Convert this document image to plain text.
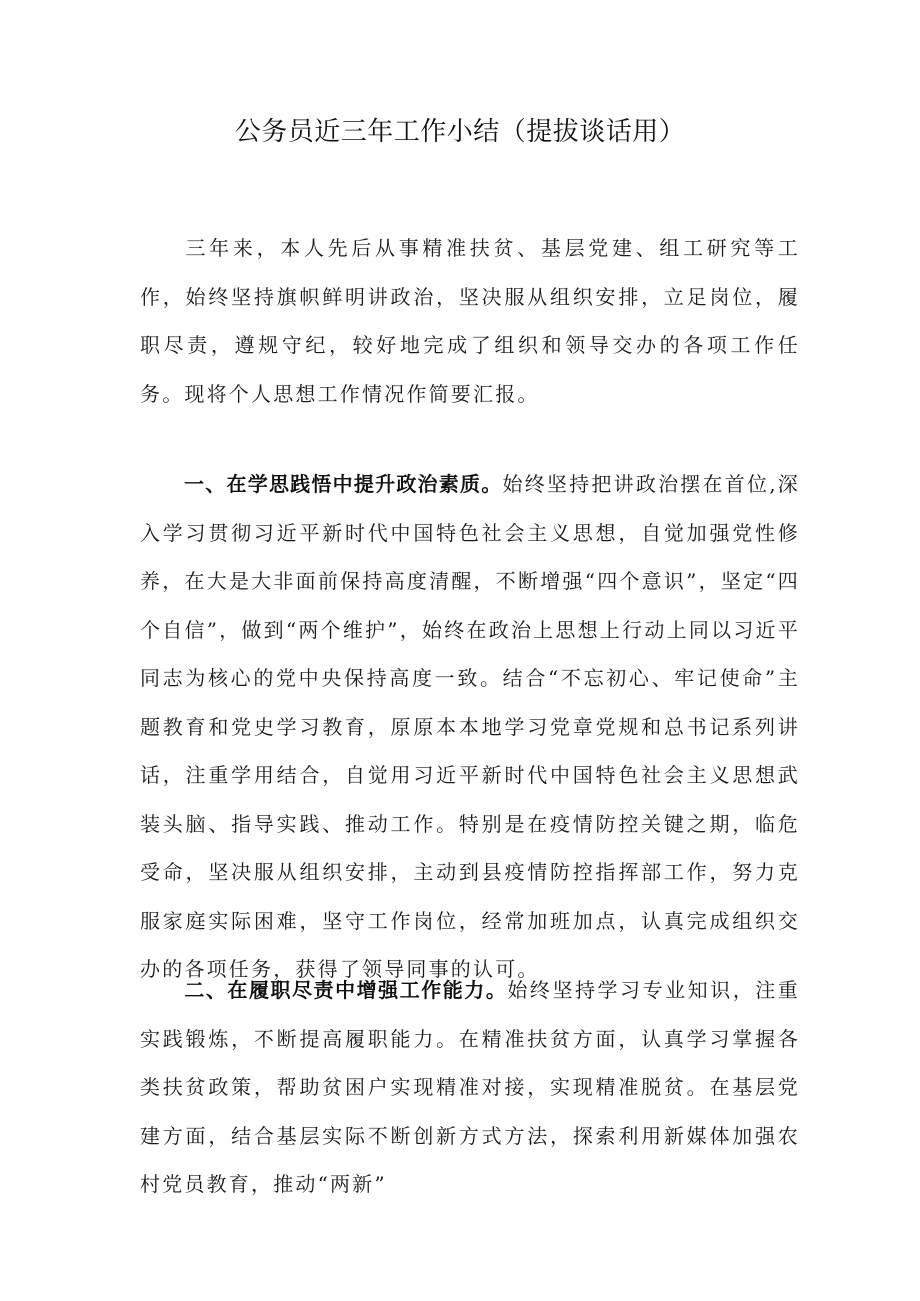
公务员近三年工作小结（提拔谈话用）

三年来，本人先后从事精准扶贫、基层党建、组工研究等工作，始终坚持旗帜鲜明讲政治，坚决服从组织安排，立足岗位，履职尽责，遵规守纪，较好地完成了组织和领导交办的各项工作任务。现将个人思想工作情况作简要汇报。

一、在学思践悟中提升政治素质。始终坚持把讲政治摆在首位,深入学习贯彻习近平新时代中国特色社会主义思想，自觉加强党性修养，在大是大非面前保持高度清醒，不断增强“四个意识”，坚定“四个自信”，做到“两个维护”，始终在政治上思想上行动上同以习近平同志为核心的党中央保持高度一致。结合“不忘初心、牢记使命”主题教育和党史学习教育，原原本本地学习党章党规和总书记系列讲话，注重学用结合，自觉用习近平新时代中国特色社会主义思想武装头脑、指导实践、推动工作。特别是在疫情防控关键之期，临危受命，坚决服从组织安排，主动到县疫情防控指挥部工作，努力克服家庭实际困难，坚守工作岗位，经常加班加点，认真完成组织交办的各项任务，获得了领导同事的认可。

二、在履职尽责中增强工作能力。始终坚持学习专业知识，注重实践锻炼，不断提高履职能力。在精准扶贫方面，认真学习掌握各类扶贫政策，帮助贫困户实现精准对接，实现精准脱贫。在基层党建方面，结合基层实际不断创新方式方法，探索利用新媒体加强农村党员教育，推动“两新”
